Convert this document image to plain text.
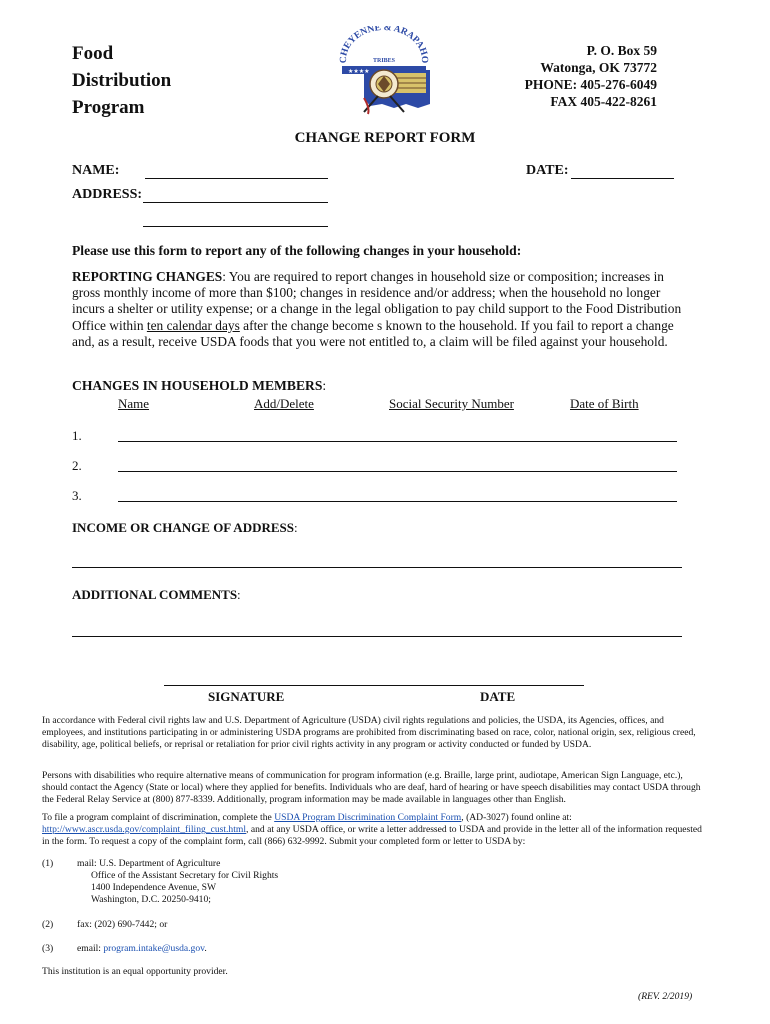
Food
Distribution
Program
CHEYENNE & ARAPAHO
TRIBES
★★★★
P. O. Box 59
Watonga, OK 73772
PHONE: 405-276-6049
FAX 405-422-8261
CHANGE REPORT FORM
NAME:	DATE:
ADDRESS:
Please use this form to report any of the following changes in your household:
REPORTING CHANGES: You are required to report changes in household size or composition; increases in gross monthly income of more than $100; changes in residence and/or address; when the household no longer incurs a shelter or utility expense; or a change in the legal obligation to pay child support to the Food Distribution Office within ten calendar days after the change become s known to the household. If you fail to report a change and, as a result, receive USDA foods that you were not entitled to, a claim will be filed against your household.
CHANGES IN HOUSEHOLD MEMBERS:
Name	Add/Delete	Social Security Number	Date of Birth
1.
2.
3.
INCOME OR CHANGE OF ADDRESS:
ADDITIONAL COMMENTS:
SIGNATURE	DATE
In accordance with Federal civil rights law and U.S. Department of Agriculture (USDA) civil rights regulations and policies, the USDA, its Agencies, offices, and employees, and institutions participating in or administering USDA programs are prohibited from discriminating based on race, color, national origin, sex, religious creed, disability, age, political beliefs, or reprisal or retaliation for prior civil rights activity in any program or activity conducted or funded by USDA.
Persons with disabilities who require alternative means of communication for program information (e.g. Braille, large print, audiotape, American Sign Language, etc.), should contact the Agency (State or local) where they applied for benefits. Individuals who are deaf, hard of hearing or have speech disabilities may contact USDA through the Federal Relay Service at (800) 877-8339. Additionally, program information may be made available in languages other than English.
To file a program complaint of discrimination, complete the USDA Program Discrimination Complaint Form, (AD-3027) found online at: http://www.ascr.usda.gov/complaint_filing_cust.html, and at any USDA office, or write a letter addressed to USDA and provide in the letter all of the information requested in the form. To request a copy of the complaint form, call (866) 632-9992. Submit your completed form or letter to USDA by:
(1) mail: U.S. Department of Agriculture
Office of the Assistant Secretary for Civil Rights
1400 Independence Avenue, SW
Washington, D.C. 20250-9410;
(2) fax: (202) 690-7442; or
(3) email: program.intake@usda.gov.
This institution is an equal opportunity provider.
(REV. 2/2019)
